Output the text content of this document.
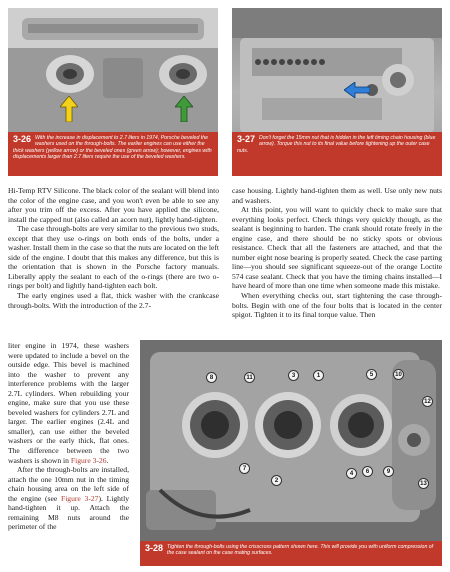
3-26 With the increase in displacement to 2.7 liters in 1974, Porsche beveled the washers used on the through-bolts. The earlier engines can use either the thick washers (yellow arrow) or the beveled ones (green arrow); however, engines with displacements larger than 2.7 liters require the use of the beveled washers.
3-27 Don't forget the 15mm nut that is hidden in the left timing chain housing (blue arrow). Torque this nut to its final value before tightening up the outer case nuts.

Hi-Temp RTV Silicone. The black color of the sealant will blend into the color of the engine case, and you won't even be able to see any after you trim off the excess. After you have applied the silicone, install the capped nut (also called an acorn nut), lightly hand-tighten.

The case through-bolts are very similar to the previous two studs, except that they use o-rings on both ends of the bolts, under a washer. Install them in the case so that the nuts are located on the left side of the engine. I doubt that this makes any difference, but this is the orientation that is shown in the Porsche factory manuals. Liberally apply the sealant to each of the o-rings (there are two o-rings per bolt) and lightly hand-tighten each bolt.

The early engines used a flat, thick washer with the crankcase through-bolts. With the introduction of the 2.7-

liter engine in 1974, these washers were updated to include a bevel on the outside edge. This bevel is machined into the washer to prevent any interference problems with the larger 2.7L cylinders. When rebuilding your engine, make sure that you use these beveled washers for cylinders 2.7L and larger. The earlier engines (2.4L and smaller), can use either the beveled washers or the early thick, flat ones. The difference between the two washers is shown in Figure 3-26.

After the through-bolts are installed, attach the one 10mm nut in the timing chain housing area on the left side of the engine (see Figure 3-27). Lightly hand-tighten it up. Attach the remaining M8 nuts around the perimeter of the

case housing. Lightly hand-tighten them as well. Use only new nuts and washers.

At this point, you will want to quickly check to make sure that everything looks perfect. Check things very quickly though, as the sealant is beginning to harden. The crank should rotate freely in the engine case, and there should be no sticky spots or obvious resistance. Check that all the fasteners are attached, and that the number eight nose bearing is properly seated. Check the case parting line—you should see significant squeeze-out of the orange Loctite 574 case sealant. Check that you have the timing chains installed—I have heard of more than one time when someone made this mistake.

When everything checks out, start tightening the case through-bolts. Begin with one of the four bolts that is located in the center spigot. Tighten it to its final torque value. Then

8	11	3	1	5	10
12
7
2
4	6	9
13
3-28 Tighten the through-bolts using the crisscross pattern shown here. This will provide you with uniform compression of the case sealant on the case mating surfaces.
